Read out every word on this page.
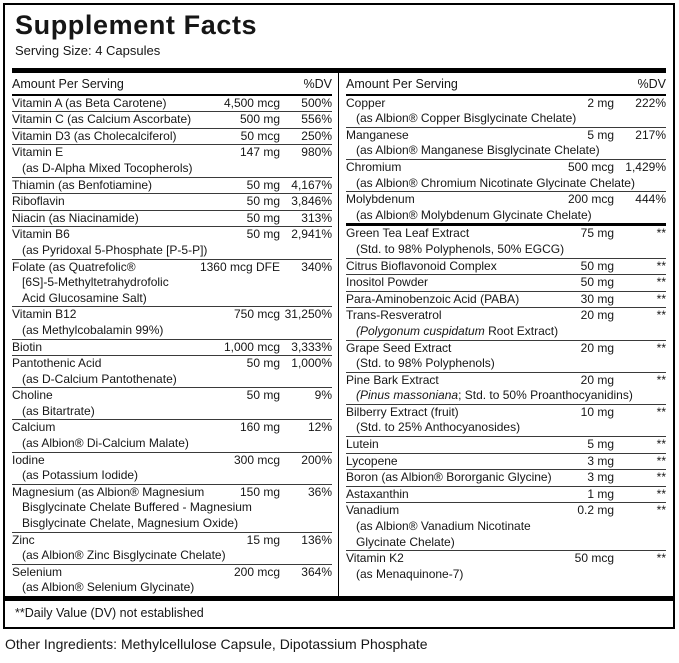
Supplement Facts
Serving Size: 4 Capsules
Amount Per Serving	%DV
Vitamin A (as Beta Carotene)	4,500 mcg	500%
Vitamin C (as Calcium Ascorbate)	500 mg	556%
Vitamin D3 (as Cholecalciferol)	50 mcg	250%
Vitamin E	147 mg	980%
(as D-Alpha Mixed Tocopherols)
Thiamin (as Benfotiamine)	50 mg 4,167%
Riboflavin	50 mg 3,846%
Niacin (as Niacinamide)	50 mg	313%
Vitamin B6	50 mg 2,941%
(as Pyridoxal 5-Phosphate [P-5-P])
Folate (as Quatrefolic®	1360 mcg DFE	340%
[6S]-5-Methyltetrahydrofolic
Acid Glucosamine Salt)
Vitamin B12	750 mcg 31,250%
(as Methylcobalamin 99%)
Biotin	1,000 mcg 3,333%
Pantothenic Acid	50 mg 1,000%
(as D-Calcium Pantothenate)
Choline	50 mg	9%
(as Bitartrate)
Calcium	160 mg	12%
(as Albion® Di-Calcium Malate)
Iodine	300 mcg	200%
(as Potassium Iodide)
Magnesium (as Albion® Magnesium	150 mg	36%
Bisglycinate Chelate Buffered - Magnesium
Bisglycinate Chelate, Magnesium Oxide)
Zinc	15 mg	136%
(as Albion® Zinc Bisglycinate Chelate)
Selenium	200 mcg	364%
(as Albion® Selenium Glycinate)
Amount Per Serving	%DV
Copper	2 mg	222%
(as Albion® Copper Bisglycinate Chelate)
Manganese	5 mg	217%
(as Albion® Manganese Bisglycinate Chelate)
Chromium	500 mcg 1,429%
(as Albion® Chromium Nicotinate Glycinate Chelate)
Molybdenum	200 mcg	444%
(as Albion® Molybdenum Glycinate Chelate)
Green Tea Leaf Extract	75 mg	**
(Std. to 98% Polyphenols, 50% EGCG)
Citrus Bioflavonoid Complex	50 mg	**
Inositol Powder	50 mg	**
Para-Aminobenzoic Acid (PABA)	30 mg	**
Trans-Resveratrol	20 mg	**
(Polygonum cuspidatum Root Extract)
Grape Seed Extract	20 mg	**
(Std. to 98% Polyphenols)
Pine Bark Extract	20 mg	**
(Pinus massoniana; Std. to 50% Proanthocyanidins)
Bilberry Extract (fruit)	10 mg	**
(Std. to 25% Anthocyanosides)
Lutein	5 mg	**
Lycopene	3 mg	**
Boron (as Albion® Bororganic Glycine)	3 mg	**
Astaxanthin	1 mg	**
Vanadium	0.2 mg	**
(as Albion® Vanadium Nicotinate
Glycinate Chelate)
Vitamin K2	50 mcg	**
(as Menaquinone-7)
**Daily Value (DV) not established
Other Ingredients: Methylcellulose Capsule, Dipotassium Phosphate
